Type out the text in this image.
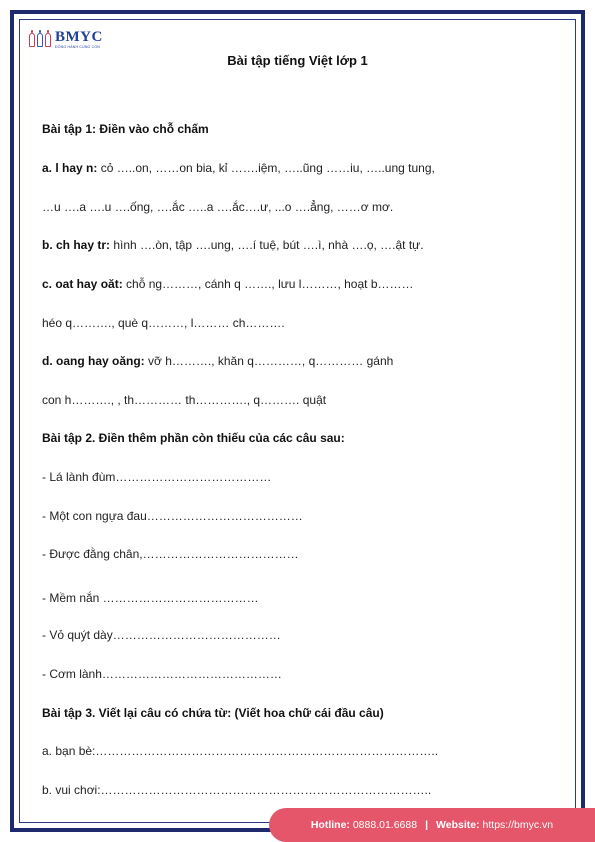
BMYC
ĐỒNG HÀNH CÙNG CON
Bài tập tiếng Việt lớp 1
Bài tập 1: Điền vào chỗ chấm
a. l hay n: cỏ …..on, ……on bia, kỉ …….iệm, …..ũng ……iu, …..ung tung,
…u ….a ….u ….ống, ….ắc …..a ….ắc….ư, ...o ….ẳng, ……ơ mơ.
b. ch hay tr: hình ….òn, tập ….ung, ….í tuệ, bút ….ì, nhà ….ọ, ….ật tự.
c. oat hay oăt: chỗ ng………, cánh q ……., lưu l………, hoạt b………
héo q………., què q………, l……… ch……….
d. oang hay oăng: vỡ h………., khăn q…………, q………… gánh
con h………., , th………… th…………., q………. quật
Bài tập 2. Điền thêm phần còn thiếu của các câu sau:
- Lá lành đùm…………………………………
- Một con ngựa đau…………………………………
- Được đằng chân,…………………………………
- Mềm nắn …………………………………
- Vỏ quýt dày……………………………………
- Cơm lành………………………………………
Bài tập 3. Viết lại câu có chứa từ: (Viết hoa chữ cái đầu câu)
a. bạn bè:…………………………………………………………………………..
b. vui chơi:………………………………………………………………………..
Hotline:
0888.01.6688 | Website:
https://bmyc.vn
